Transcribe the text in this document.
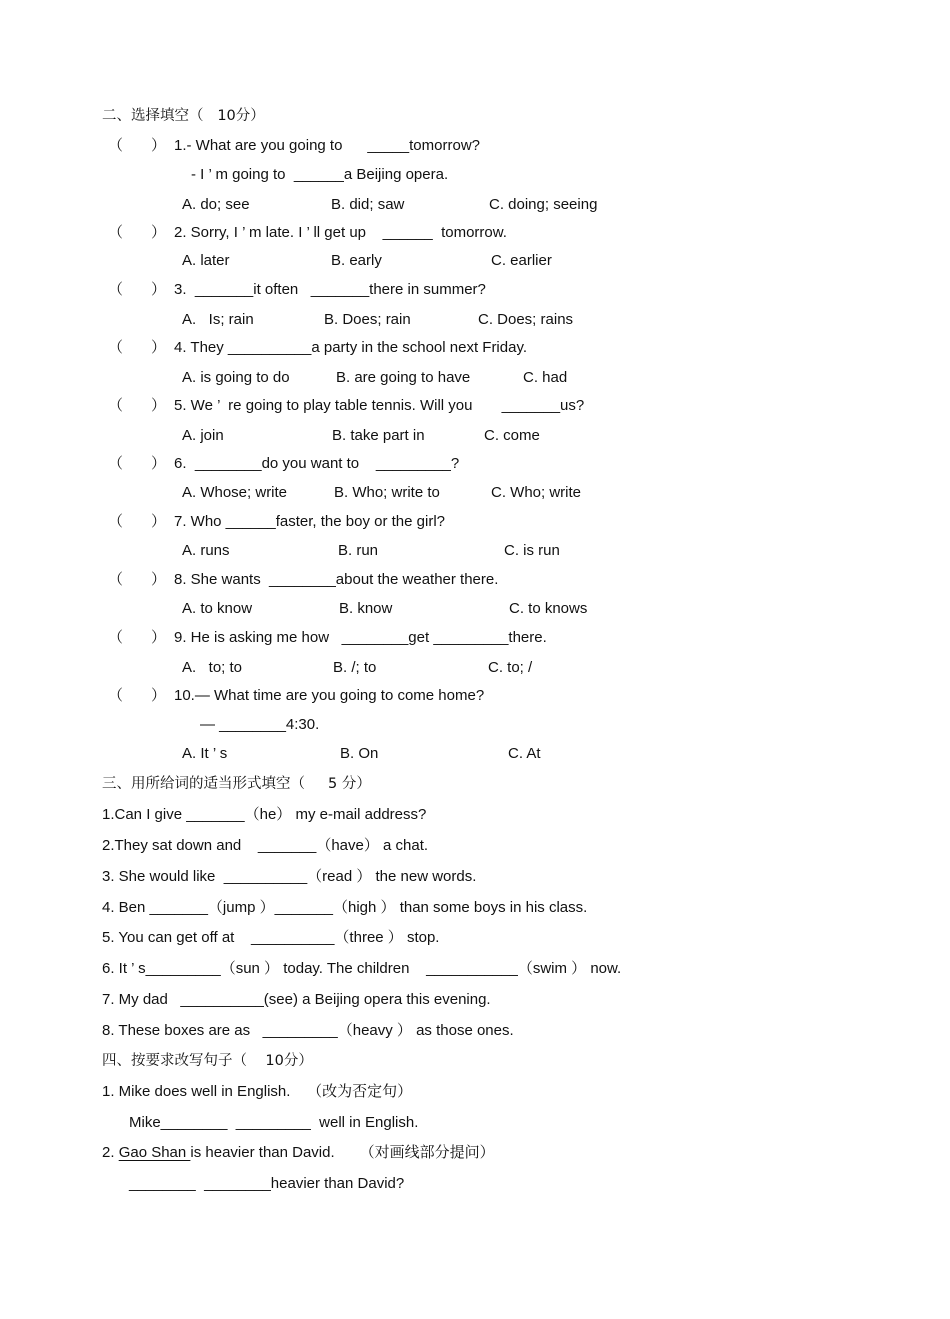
二、选择填空（   10分）
（ ） 1.- What are you going to      _____tomorrow?
- I ’ m going to  ______a Beijing opera.
A. do; see	B. did; saw	C. doing; seeing
（ ） 2. Sorry, I ’ m late. I ’ ll get up    ______  tomorrow.
A. later	B. early	C. earlier
（ ） 3.  _______it often   _______there in summer?
A.   Is; rain	B. Does; rain	C. Does; rains
（ ） 4. They __________a party in the school next Friday.
A. is going to do	B. are going to have	C. had
（ ） 5. We ’  re going to play table tennis. Will you       _______us?
A. join	B. take part in	C. come
（ ） 6.  ________do you want to    _________?
A. Whose; write	B. Who; write to	C. Who; write
（ ） 7. Who ______faster, the boy or the girl?
A. runs	B. run	C. is run
（ ） 8. She wants  ________about the weather there.
A. to know	B. know	C. to knows
（ ） 9. He is asking me how   ________get _________there.
A.   to; to	B. /; to	C. to; /
（ ） 10.— What time are you going to come home?
— ________4:30.
A. It ’ s	B. On	C. At
三、用所给词的适当形式填空（     5 分）
1.Can I give _______（he） my e-mail address?
2.They sat down and    _______（have） a chat.
3. She would like  __________（read ） the new words.
4. Ben _______（jump ）_______（high ） than some boys in his class.
5. You can get off at    __________（three ） stop.
6. It ’ s_________（sun ） today. The children    ___________（swim ） now.
7. My dad   __________(see) a Beijing opera this evening.
8. These boxes are as   _________（heavy ） as those ones.
四、按要求改写句子（    10分）
1. Mike does well in English.    （改为否定句）
Mike________  _________  well in English.
2. Gao Shan is heavier than David.      （对画线部分提问）
________  ________heavier than David?
